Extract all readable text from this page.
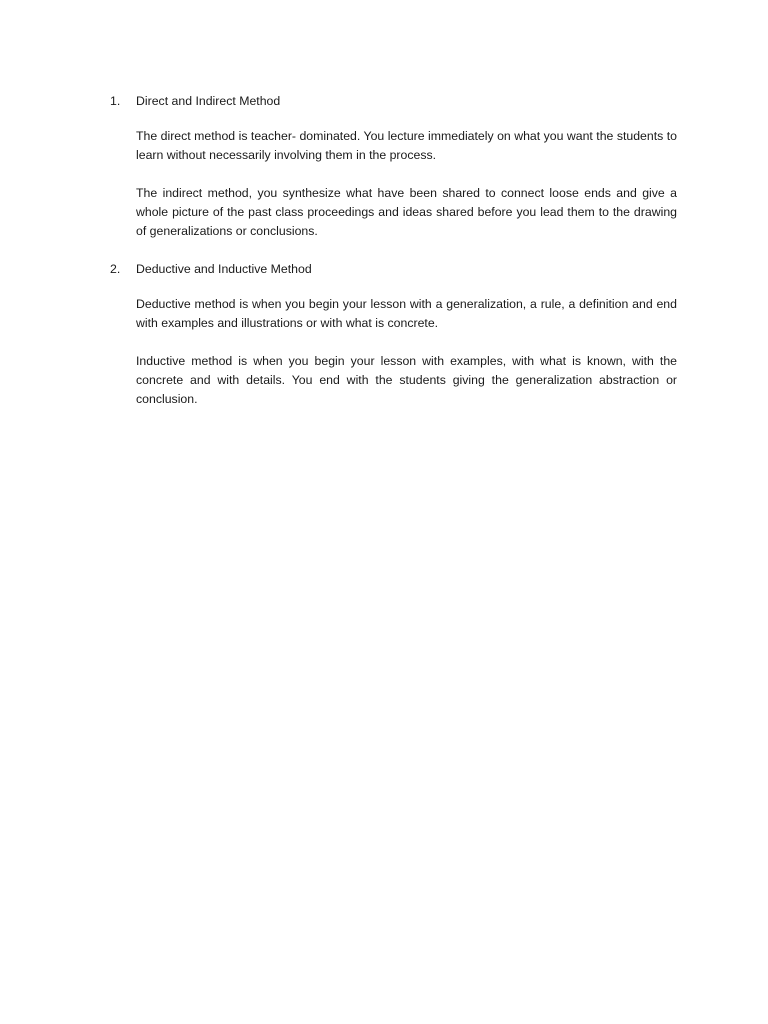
1.	Direct and Indirect Method

The direct method is teacher- dominated. You lecture immediately on what you want the students to learn without necessarily involving them in the process.

The indirect method, you synthesize what have been shared to connect loose ends and give a whole picture of the past class proceedings and ideas shared before you lead them to the drawing of generalizations or conclusions.

2.	Deductive and Inductive Method

Deductive method is when you begin your lesson with a generalization, a rule, a definition and end with examples and illustrations or with what is concrete.

Inductive method is when you begin your lesson with examples, with what is known, with the concrete and with details. You end with the students giving the generalization abstraction or conclusion.
